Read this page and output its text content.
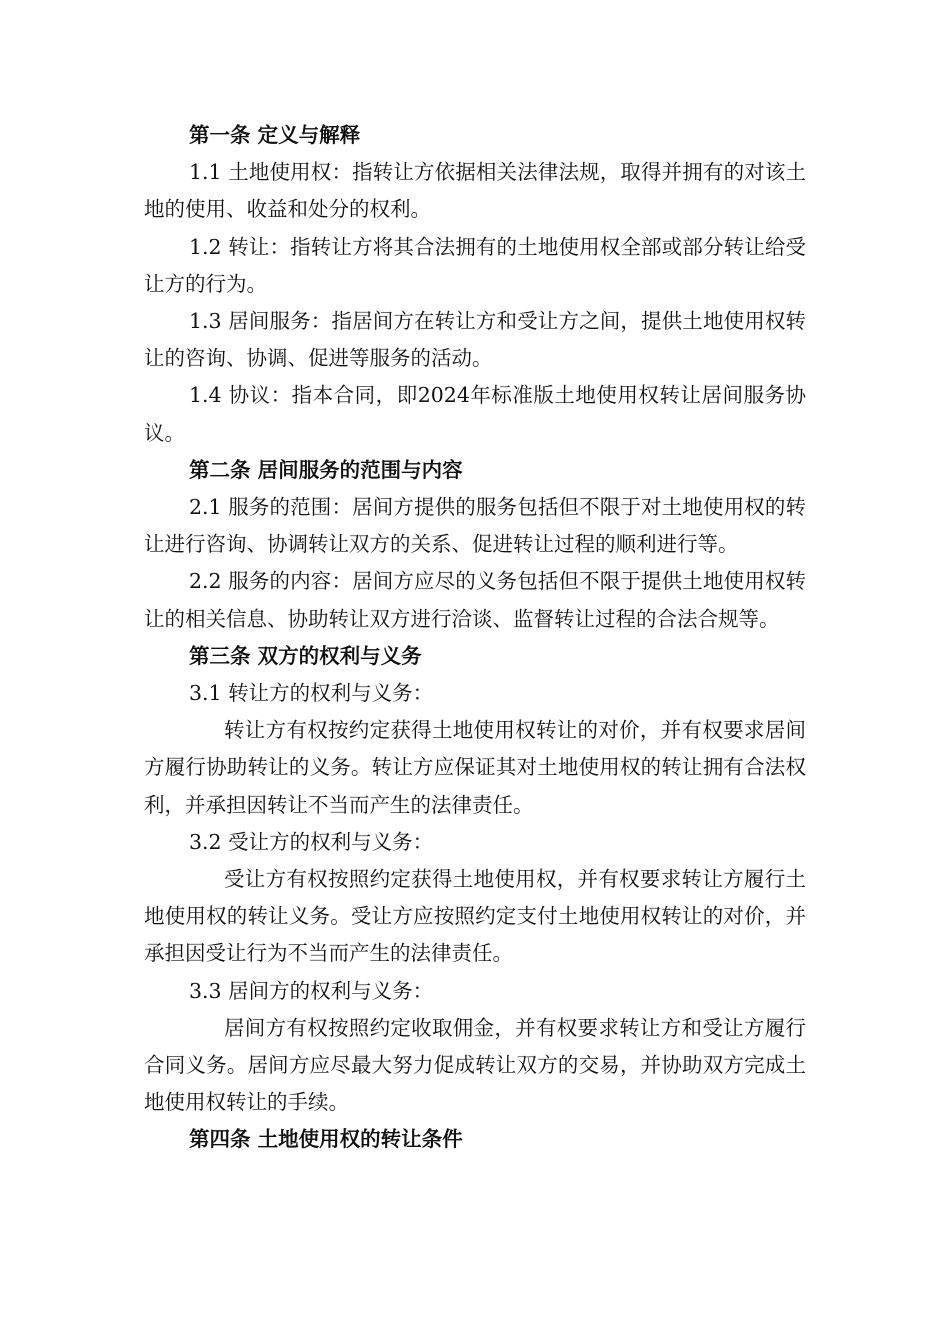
第一条 定义与解释

1.1 土地使用权：指转让方依据相关法律法规，取得并拥有的对该土地的使用、收益和处分的权利。

1.2 转让：指转让方将其合法拥有的土地使用权全部或部分转让给受让方的行为。

1.3 居间服务：指居间方在转让方和受让方之间，提供土地使用权转让的咨询、协调、促进等服务的活动。

1.4 协议：指本合同，即2024年标准版土地使用权转让居间服务协议。

第二条 居间服务的范围与内容

2.1 服务的范围：居间方提供的服务包括但不限于对土地使用权的转让进行咨询、协调转让双方的关系、促进转让过程的顺利进行等。

2.2 服务的内容：居间方应尽的义务包括但不限于提供土地使用权转让的相关信息、协助转让双方进行洽谈、监督转让过程的合法合规等。

第三条 双方的权利与义务

3.1 转让方的权利与义务：

转让方有权按约定获得土地使用权转让的对价，并有权要求居间方履行协助转让的义务。转让方应保证其对土地使用权的转让拥有合法权利，并承担因转让不当而产生的法律责任。

3.2 受让方的权利与义务：

受让方有权按照约定获得土地使用权，并有权要求转让方履行土地使用权的转让义务。受让方应按照约定支付土地使用权转让的对价，并承担因受让行为不当而产生的法律责任。

3.3 居间方的权利与义务：

居间方有权按照约定收取佣金，并有权要求转让方和受让方履行合同义务。居间方应尽最大努力促成转让双方的交易，并协助双方完成土地使用权转让的手续。

第四条 土地使用权的转让条件
